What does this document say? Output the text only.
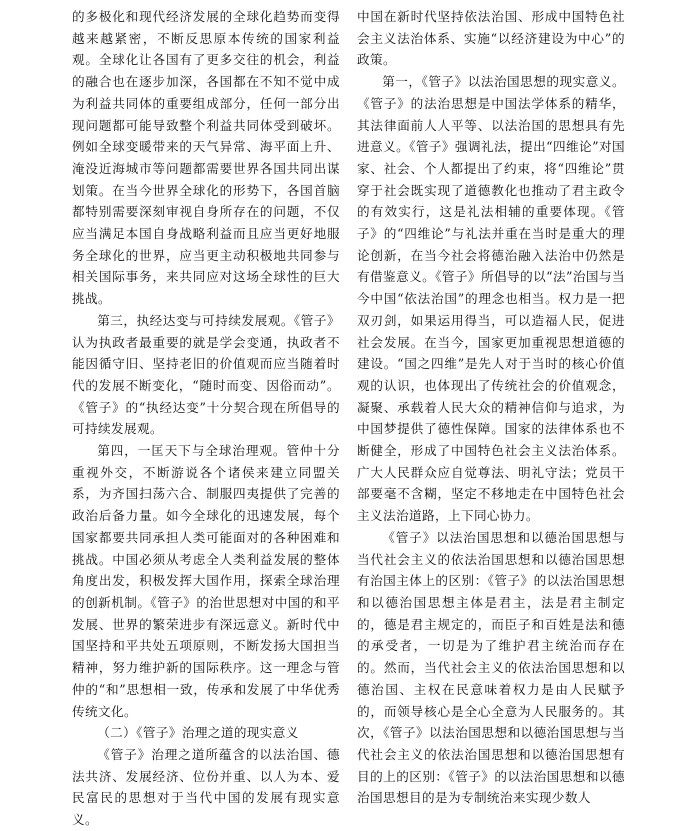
的多极化和现代经济发展的全球化趋势而变得越来越紧密，不断反思原本传统的国家利益观。全球化让各国有了更多交往的机会，利益的融合也在逐步加深，各国都在不知不觉中成为利益共同体的重要组成部分，任何一部分出现问题都可能导致整个利益共同体受到破坏。例如全球变暖带来的天气异常、海平面上升、淹没近海城市等问题都需要世界各国共同出谋划策。在当今世界全球化的形势下，各国首脑都特别需要深刻审视自身所存在的问题，不仅应当满足本国自身战略利益而且应当更好地服务全球化的世界，应当更主动积极地共同参与相关国际事务，来共同应对这场全球性的巨大挑战。

第三，执经达变与可持续发展观。《管子》认为执政者最重要的就是学会变通，执政者不能因循守旧、坚持老旧的价值观而应当随着时代的发展不断变化，“随时而变、因俗而动”。《管子》的“执经达变”十分契合现在所倡导的可持续发展观。

第四，一匡天下与全球治理观。管仲十分重视外交，不断游说各个诸侯来建立同盟关系，为齐国扫荡六合、制服四夷提供了完善的政治后备力量。如今全球化的迅速发展，每个国家都要共同承担人类可能面对的各种困难和挑战。中国必须从考虑全人类利益发展的整体角度出发，积极发挥大国作用，探索全球治理的创新机制。《管子》的治世思想对中国的和平发展、世界的繁荣进步有深远意义。新时代中国坚持和平共处五项原则，不断发扬大国担当精神，努力维护新的国际秩序。这一理念与管仲的“和”思想相一致，传承和发展了中华优秀传统文化。

（二）《管子》治理之道的现实意义

《管子》治理之道所蕴含的以法治国、德法共济、发展经济、位份并重、以人为本、爱民富民的思想对于当代中国的发展有现实意义。

中国在新时代坚持依法治国、形成中国特色社会主义法治体系、实施“以经济建设为中心”的政策。

第一，《管子》以法治国思想的现实意义。《管子》的法治思想是中国法学体系的精华，其法律面前人人平等、以法治国的思想具有先进意义。《管子》强调礼法，提出“四维论”对国家、社会、个人都提出了约束，将“四维论”贯穿于社会既实现了道德教化也推动了君主政令的有效实行，这是礼法相辅的重要体现。《管子》的“四维论”与礼法并重在当时是重大的理论创新，在当今社会将德治融入法治中仍然是有借鉴意义。《管子》所倡导的以“法”治国与当今中国“依法治国”的理念也相当。权力是一把双刃剑，如果运用得当，可以造福人民，促进社会发展。在当今，国家更加重视思想道德的建设。“国之四维”是先人对于当时的核心价值观的认识，也体现出了传统社会的价值观念，凝聚、承载着人民大众的精神信仰与追求，为中国梦提供了德性保障。国家的法律体系也不断健全，形成了中国特色社会主义法治体系。广大人民群众应自觉尊法、明礼守法；党员干部要毫不含糊，坚定不移地走在中国特色社会主义法治道路，上下同心协力。

《管子》以法治国思想和以德治国思想与当代社会主义的依法治国思想和以德治国思想有治国主体上的区别：《管子》的以法治国思想和以德治国思想主体是君主，法是君主制定的，德是君主规定的，而臣子和百姓是法和德的承受者，一切是为了维护君主统治而存在的。然而，当代社会主义的依法治国思想和以德治国、主权在民意味着权力是由人民赋予的，而领导核心是全心全意为人民服务的。其次，《管子》以法治国思想和以德治国思想与当代社会主义的依法治国思想和以德治国思想有目的上的区别：《管子》的以法治国思想和以德治国思想目的是为专制统治来实现少数人
